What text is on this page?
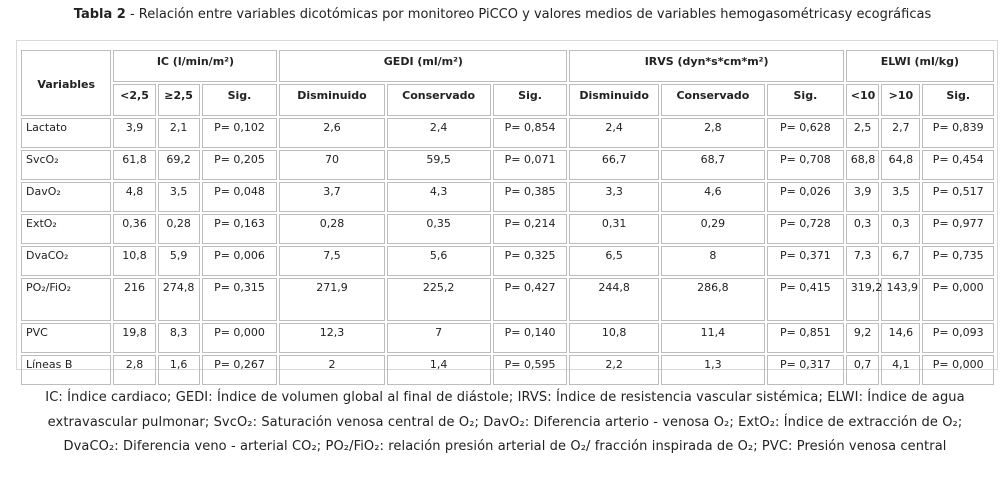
Tabla 2 - Relación entre variables dicotómicas por monitoreo PiCCO y valores medios de variables hemogasométricasy ecográficas
Variables	IC (l/min/m²)			GEDI (ml/m²)			IRVS (dyn*s*cm*m²)			ELWI (ml/kg)		
	<2,5	≥2,5	Sig.	Disminuido	Conservado	Sig.	Disminuido	Conservado	Sig.	<10	>10	Sig.
Lactato	3,9	2,1	P= 0,102	2,6	2,4	P= 0,854	2,4	2,8	P= 0,628	2,5	2,7	P= 0,839
SvcO₂	61,8	69,2	P= 0,205	70	59,5	P= 0,071	66,7	68,7	P= 0,708	68,8	64,8	P= 0,454
DavO₂	4,8	3,5	P= 0,048	3,7	4,3	P= 0,385	3,3	4,6	P= 0,026	3,9	3,5	P= 0,517
ExtO₂	0,36	0,28	P= 0,163	0,28	0,35	P= 0,214	0,31	0,29	P= 0,728	0,3	0,3	P= 0,977
DvaCO₂	10,8	5,9	P= 0,006	7,5	5,6	P= 0,325	6,5	8	P= 0,371	7,3	6,7	P= 0,735
PO₂/FiO₂	216	274,8	P= 0,315	271,9	225,2	P= 0,427	244,8	286,8	P= 0,415	319,2	143,9	P= 0,000
PVC	19,8	8,3	P= 0,000	12,3	7	P= 0,140	10,8	11,4	P= 0,851	9,2	14,6	P= 0,093
Líneas B	2,8	1,6	P= 0,267	2	1,4	P= 0,595	2,2	1,3	P= 0,317	0,7	4,1	P= 0,000
IC: Índice cardiaco; GEDI: Índice de volumen global al final de diástole; IRVS: Índice de resistencia vascular sistémica; ELWI: Índice de agua extravascular pulmonar; SvcO₂: Saturación venosa central de O₂; DavO₂: Diferencia arterio - venosa O₂; ExtO₂: Índice de extracción de O₂; DvaCO₂: Diferencia veno - arterial CO₂; PO₂/FiO₂: relación presión arterial de O₂/ fracción inspirada de O₂; PVC: Presión venosa central
